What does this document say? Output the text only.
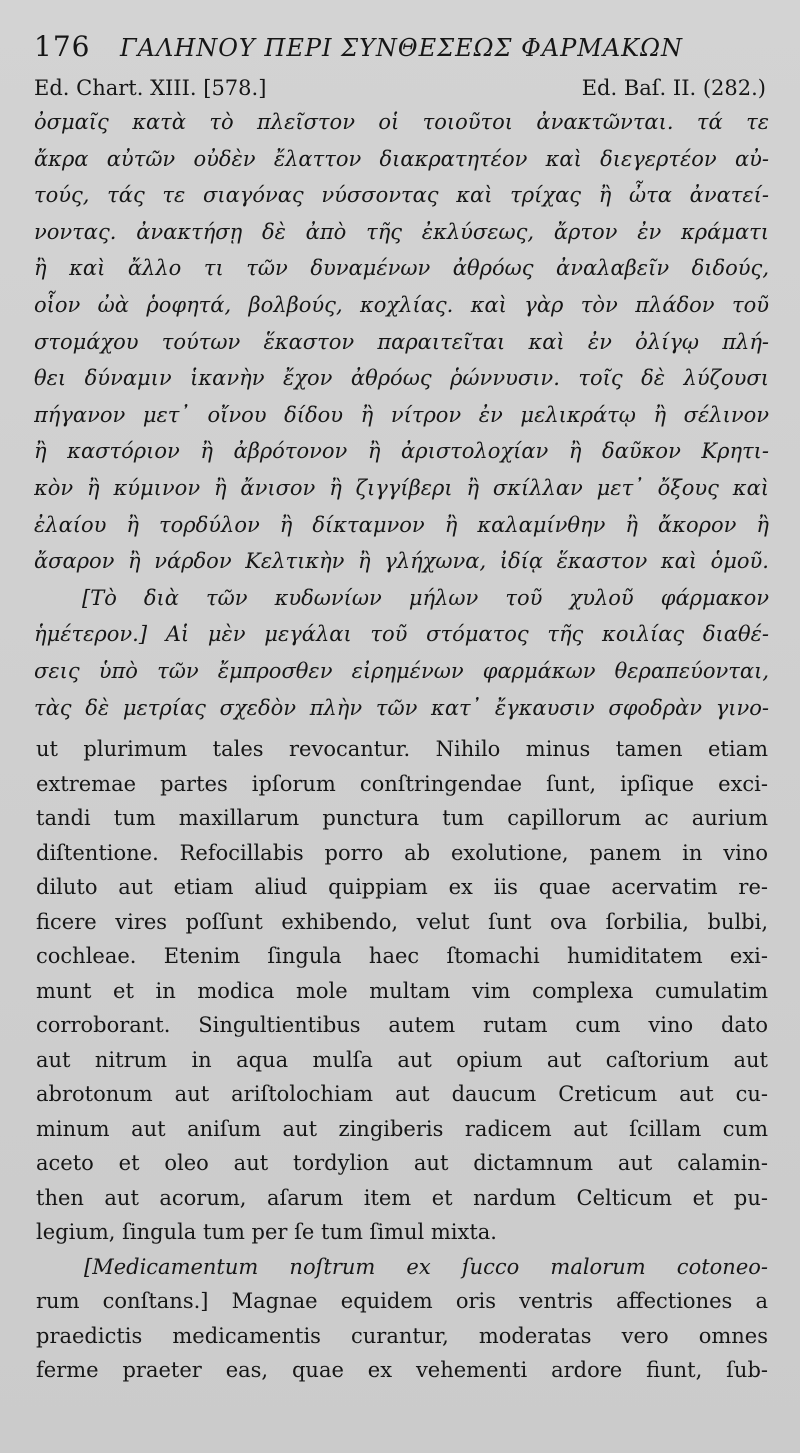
176 ΓΑΛΗΝΟΥ ΠΕΡΙ ΣΥΝΘΕΣΕΩΣ ΦΑΡΜΑΚΩΝ
Ed. Chart. XIII. [578.]	Ed. Baſ. II. (282.)
ὀσμαῖς κατὰ τὸ πλεῖστον οἱ τοιοῦτοι ἀνακτῶνται. τά τε
ἄκρα αὐτῶν οὐδὲν ἔλαττον διακρατητέον καὶ διεγερτέον αὐ-
τούς, τάς τε σιαγόνας νύσσοντας καὶ τρίχας ἢ ὦτα ἀνατεί-
νοντας. ἀνακτήσῃ δὲ ἀπὸ τῆς ἐκλύσεως, ἄρτον ἐν κράματι
ἢ καὶ ἄλλο τι τῶν δυναμένων ἀθρόως ἀναλαβεῖν διδούς,
οἷον ὠὰ ῥοφητά, βολβούς, κοχλίας. καὶ γὰρ τὸν πλάδον τοῦ
στομάχου τούτων ἕκαστον παραιτεῖται καὶ ἐν ὀλίγῳ πλή-
θει δύναμιν ἱκανὴν ἔχον ἀθρόως ῥώννυσιν. τοῖς δὲ λύζουσι
πήγανον μετ᾽ οἴνου δίδου ἢ νίτρον ἐν μελικράτῳ ἢ σέλινον
ἢ καστόριον ἢ ἀβρότονον ἢ ἀριστολοχίαν ἢ δαῦκον Κρητι-
κὸν ἢ κύμινον ἢ ἄνισον ἢ ζιγγίβερι ἢ σκίλλαν μετ᾽ ὄξους καὶ
ἐλαίου ἢ τορδύλον ἢ δίκταμνον ἢ καλαμίνθην ἢ ἄκορον ἢ
ἄσαρον ἢ νάρδον Κελτικὴν ἢ γλήχωνα, ἰδίᾳ ἕκαστον καὶ ὁμοῦ.
[Τὸ διὰ τῶν κυδωνίων μήλων τοῦ χυλοῦ φάρμακον
ἡμέτερον.] Αἱ μὲν μεγάλαι τοῦ στόματος τῆς κοιλίας διαθέ-
σεις ὑπὸ τῶν ἔμπροσθεν εἰρημένων φαρμάκων θεραπεύονται,
τὰς δὲ μετρίας σχεδὸν πλὴν τῶν κατ᾽ ἔγκαυσιν σφοδρὰν γινο-
ut plurimum tales revocantur. Nihilo minus tamen etiam
extremae partes ipſorum conſtringendae ſunt, ipſique exci-
tandi tum maxillarum punctura tum capillorum ac aurium
diſtentione. Refocillabis porro ab exolutione, panem in vino
diluto aut etiam aliud quippiam ex iis quae acervatim re-
ficere vires poſſunt exhibendo, velut ſunt ova ſorbilia, bulbi,
cochleae. Etenim ſingula haec ſtomachi humiditatem exi-
munt et in modica mole multam vim complexa cumulatim
corroborant. Singultientibus autem rutam cum vino dato
aut nitrum in aqua mulſa aut opium aut caſtorium aut
abrotonum aut ariſtolochiam aut daucum Creticum aut cu-
minum aut aniſum aut zingiberis radicem aut ſcillam cum
aceto et oleo aut tordylion aut dictamnum aut calamin-
then aut acorum, aſarum item et nardum Celticum et pu-
legium, ſingula tum per ſe tum ſimul mixta.
[Medicamentum noſtrum ex ſucco malorum cotoneo-
rum conſtans.] Magnae equidem oris ventris affectiones a
praedictis medicamentis curantur, moderatas vero omnes
ferme praeter eas, quae ex vehementi ardore fiunt, ſub-
